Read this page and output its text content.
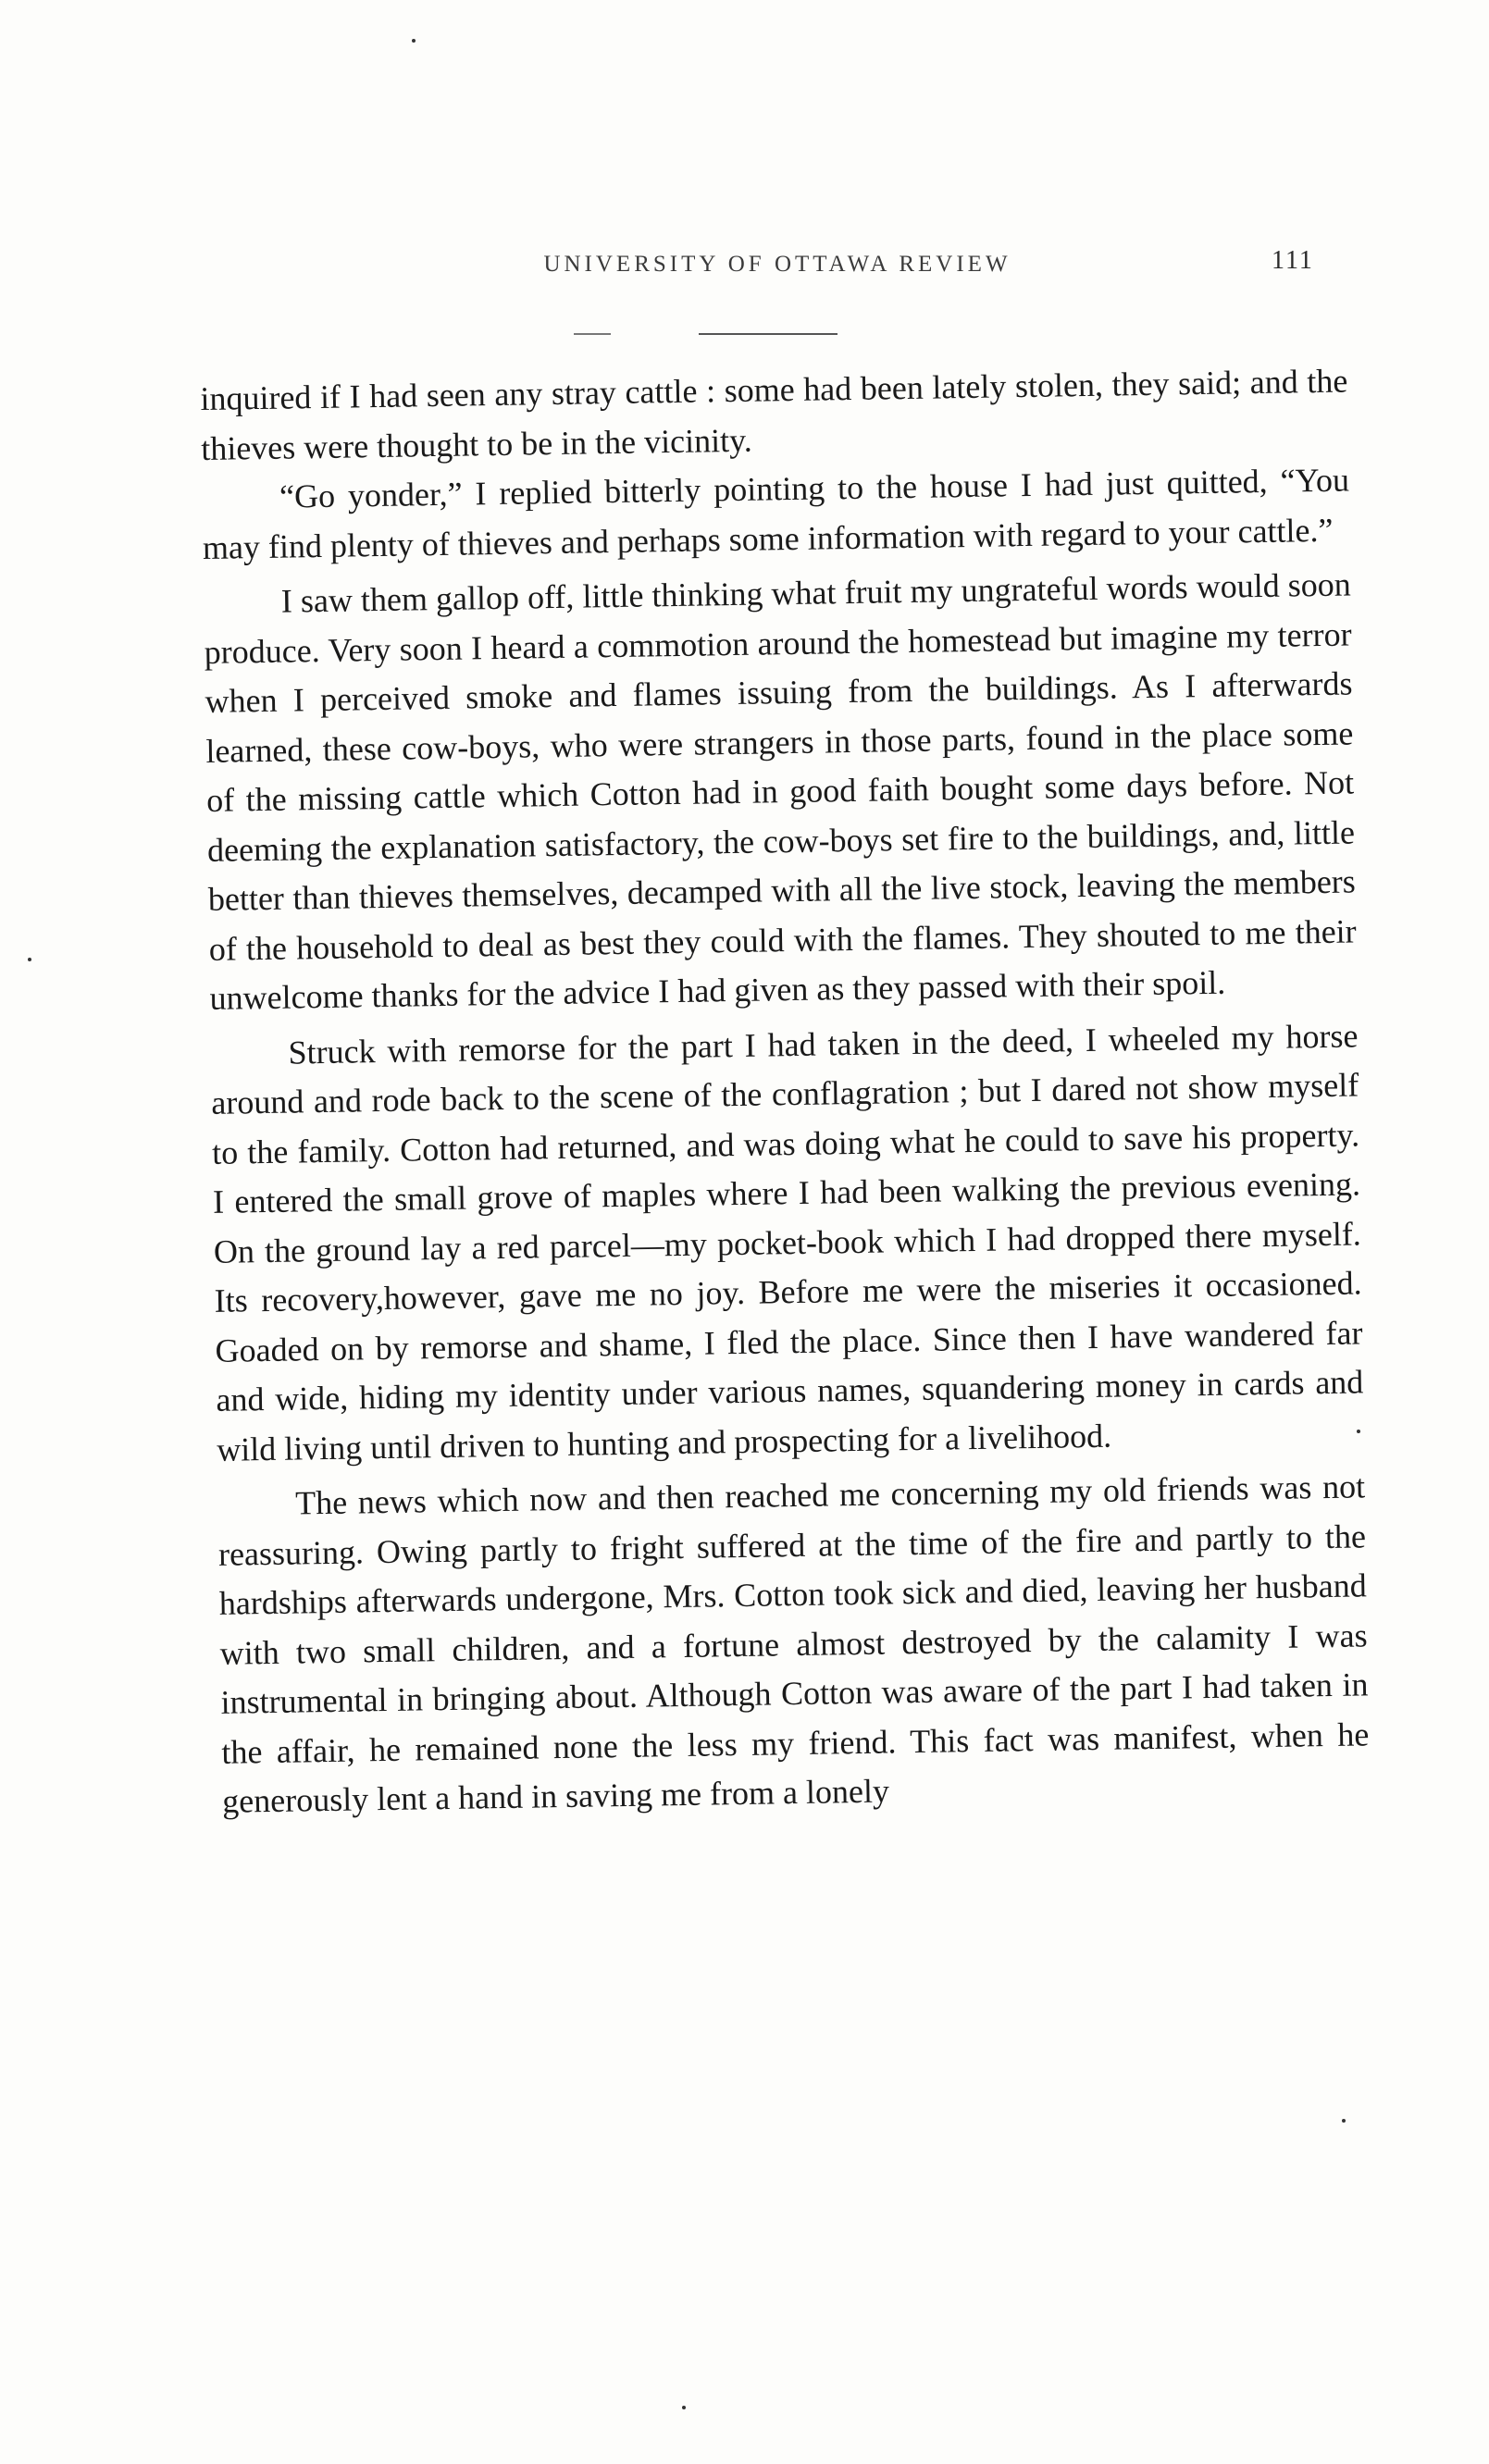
UNIVERSITY OF OTTAWA REVIEW	111

inquired if I had seen any stray cattle : some had been lately stolen, they said; and the thieves were thought to be in the vicinity.

“Go yonder,” I replied bitterly pointing to the house I had just quitted, “You may find plenty of thieves and perhaps some information with regard to your cattle.”

I saw them gallop off, little thinking what fruit my ungrateful words would soon produce. Very soon I heard a commotion around the homestead but imagine my terror when I perceived smoke and flames issuing from the buildings. As I afterwards learned, these cow-boys, who were strangers in those parts, found in the place some of the missing cattle which Cotton had in good faith bought some days before. Not deeming the explanation satisfactory, the cow-boys set fire to the buildings, and, little better than thieves themselves, decamped with all the live stock, leaving the members of the household to deal as best they could with the flames. They shouted to me their unwelcome thanks for the advice I had given as they passed with their spoil.

Struck with remorse for the part I had taken in the deed, I wheeled my horse around and rode back to the scene of the conflagration ; but I dared not show myself to the family. Cotton had returned, and was doing what he could to save his property. I entered the small grove of maples where I had been walking the previous evening. On the ground lay a red parcel—my pocket-book which I had dropped there myself. Its recovery,however, gave me no joy. Before me were the miseries it occasioned. Goaded on by remorse and shame, I fled the place. Since then I have wandered far and wide, hiding my identity under various names, squandering money in cards and wild living until driven to hunting and prospecting for a livelihood.

The news which now and then reached me concerning my old friends was not reassuring. Owing partly to fright suffered at the time of the fire and partly to the hardships afterwards undergone, Mrs. Cotton took sick and died, leaving her husband with two small children, and a fortune almost destroyed by the calamity I was instrumental in bringing about. Although Cotton was aware of the part I had taken in the affair, he remained none the less my friend. This fact was manifest, when he generously lent a hand in saving me from a lonely
